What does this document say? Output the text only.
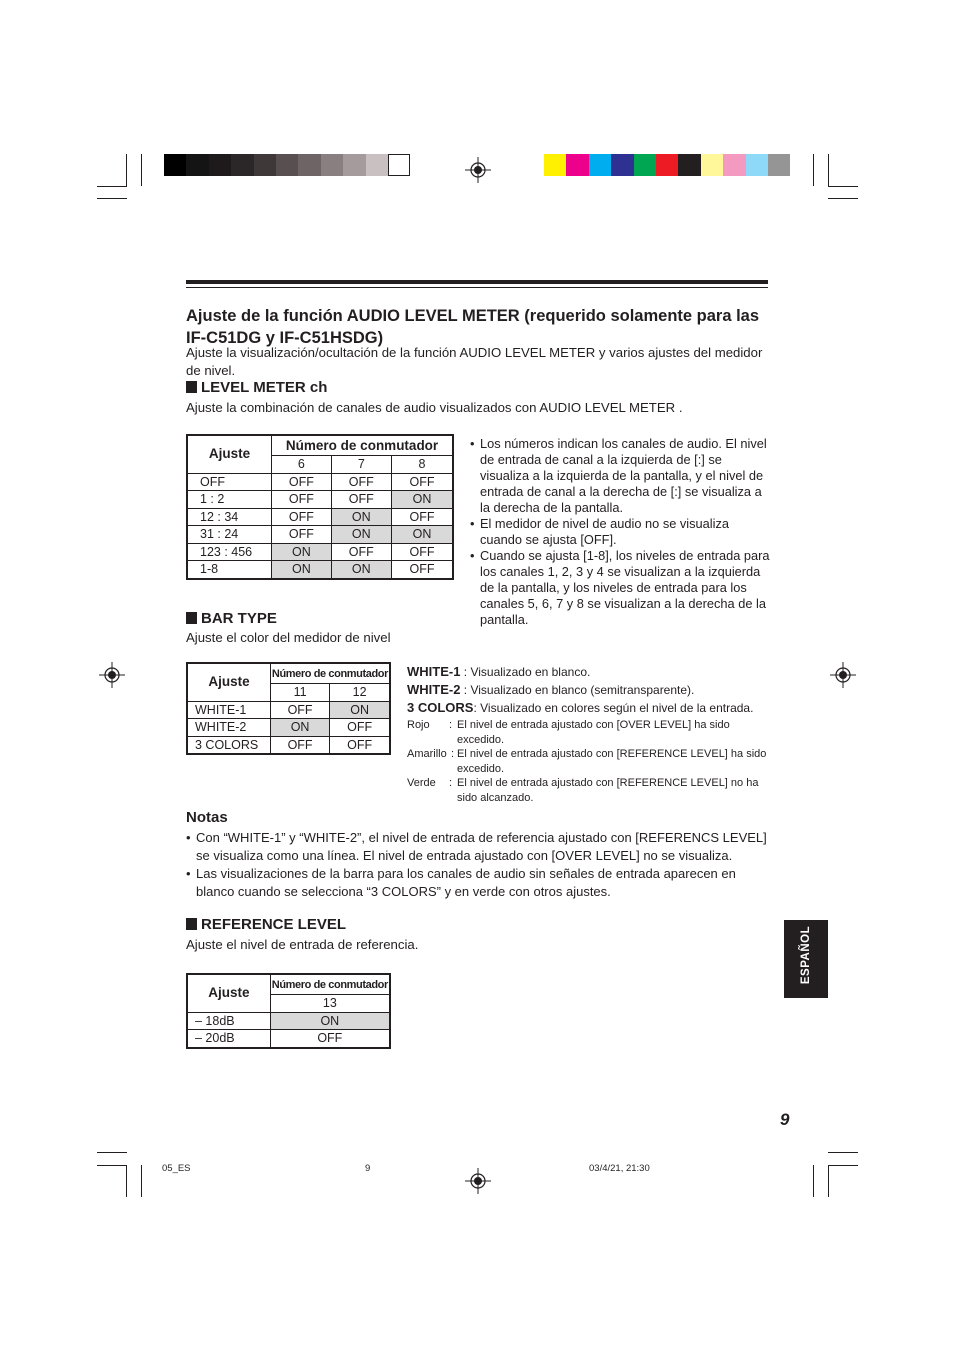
Ajuste de la función AUDIO LEVEL METER (requerido solamente para las IF-C51DG y IF-C51HSDG)
Ajuste la visualización/ocultación de la función AUDIO LEVEL METER y varios ajustes del medidor de nivel.
LEVEL METER ch
Ajuste la combinación de canales de audio visualizados con AUDIO LEVEL METER .
Ajuste	Número de conmutador		
	6	7	8
OFF	OFF	OFF	OFF
1 : 2	OFF	OFF	ON
12 : 34	OFF	ON	OFF
31 : 24	OFF	ON	ON
123 : 456	ON	OFF	OFF
1-8	ON	ON	OFF
• Los números indican los canales de audio. El nivel de entrada de canal a la izquierda de [:] se visualiza a la izquierda de la pantalla, y el nivel de entrada de canal a la derecha de [:] se visualiza a la derecha de la pantalla.
• El medidor de nivel de audio no se visualiza cuando se ajusta [OFF].
• Cuando se ajusta [1-8], los niveles de entrada para los canales 1, 2, 3 y 4 se visualizan a la izquierda de la pantalla, y los niveles de entrada para los canales 5, 6, 7 y 8 se visualizan a la derecha de la pantalla.
BAR TYPE
Ajuste el color del medidor de nivel
Ajuste	Número de conmutador	
	11	12
WHITE-1	OFF	ON
WHITE-2	ON	OFF
3 COLORS	OFF	OFF
WHITE-1 : Visualizado en blanco.
WHITE-2 : Visualizado en blanco (semitransparente).
3 COLORS: Visualizado en colores según el nivel de la entrada.
Rojo : El nivel de entrada ajustado con [OVER LEVEL] ha sido excedido.
Amarillo : El nivel de entrada ajustado con [REFERENCE LEVEL] ha sido excedido.
Verde : El nivel de entrada ajustado con [REFERENCE LEVEL] no ha sido alcanzado.
Notas
• Con “WHITE-1” y “WHITE-2”, el nivel de entrada de referencia ajustado con [REFERENCS LEVEL] se visualiza como una línea. El nivel de entrada ajustado con [OVER LEVEL] no se visualiza.
• Las visualizaciones de la barra para los canales de audio sin señales de entrada aparecen en blanco cuando se selecciona “3 COLORS” y en verde con otros ajustes.
REFERENCE LEVEL
Ajuste el nivel de entrada de referencia.
Ajuste	Número de conmutador
	13
– 18dB	ON
– 20dB	OFF
ESPAÑOL
9
05_ES	9	03/4/21, 21:30
